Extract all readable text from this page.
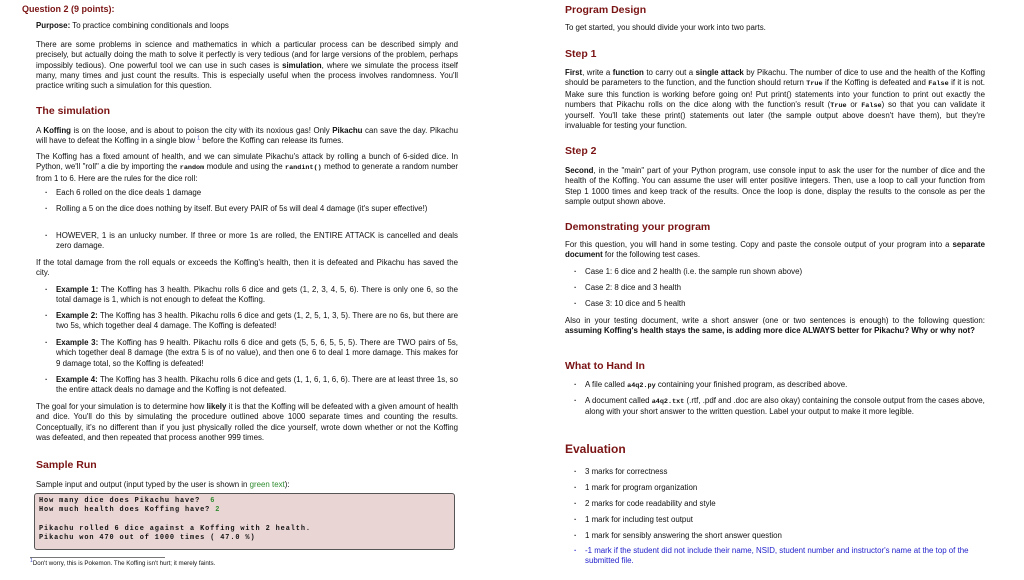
Question 2 (9 points):
Purpose: To practice combining conditionals and loops
There are some problems in science and mathematics in which a particular process can be described simply and precisely, but actually doing the math to solve it perfectly is very tedious (and for large versions of the problem, perhaps impossibly tedious). One powerful tool we can use in such cases is simulation, where we simulate the process itself many, many times and just count the results. This is especially useful when the process involves randomness. You'll practice writing such a simulation for this question.
The simulation
A Koffing is on the loose, and is about to poison the city with its noxious gas! Only Pikachu can save the day. Pikachu will have to defeat the Koffing in a single blow $^1$ before the Koffing can release its fumes.
The Koffing has a fixed amount of health, and we can simulate Pikachu's attack by rolling a bunch of 6-sided dice. In Python, we'll "roll" a die by importing the random module and using the randint() method to generate a random number from 1 to 6. Here are the rules for the dice roll:
· Each 6 rolled on the dice deals 1 damage
· Rolling a 5 on the dice does nothing by itself. But every PAIR of 5s will deal 4 damage (it's super effective!)
· HOWEVER, 1 is an unlucky number. If three or more 1s are rolled, the ENTIRE ATTACK is cancelled and deals zero damage.
If the total damage from the roll equals or exceeds the Koffing's health, then it is defeated and Pikachu has saved the city.
· Example 1: The Koffing has 3 health. Pikachu rolls 6 dice and gets (1, 2, 3, 4, 5, 6). There is only one 6, so the total damage is 1, which is not enough to defeat the Koffing.
· Example 2: The Koffing has 3 health. Pikachu rolls 6 dice and gets (1, 2, 5, 1, 3, 5). There are no 6s, but there are two 5s, which together deal 4 damage. The Koffing is defeated!
· Example 3: The Koffing has 9 health. Pikachu rolls 6 dice and gets (5, 5, 6, 5, 5, 5). There are TWO pairs of 5s, which together deal 8 damage (the extra 5 is of no value), and then one 6 to deal 1 more damage. This makes for 9 damage total, so the Koffing is defeated!
· Example 4: The Koffing has 3 health. Pikachu rolls 6 dice and gets (1, 1, 6, 1, 6, 6). There are at least three 1s, so the entire attack deals no damage and the Koffing is not defeated.
The goal for your simulation is to determine how likely it is that the Koffing will be defeated with a given amount of health and dice. You'll do this by simulating the procedure outlined above 1000 separate times and counting the results. Conceptually, it's no different than if you just physically rolled the dice yourself, wrote down whether or not the Koffing was defeated, and then repeated that process another 999 times.
Sample Run
Sample input and output (input typed by the user is shown in green text):
How many dice does Pikachu have?  6
How much health does Koffing have? 2

Pikachu rolled 6 dice against a Koffing with 2 health.
Pikachu won 470 out of 1000 times ( 47.0 %)
$^1$Don't worry, this is Pokemon. The Koffing isn't hurt; it merely faints.
Program Design
To get started, you should divide your work into two parts.
Step 1
First, write a function to carry out a single attack by Pikachu. The number of dice to use and the health of the Koffing should be parameters to the function, and the function should return True if the Koffing is defeated and False if it is not. Make sure this function is working before going on! Put print() statements into your function to print out exactly the numbers that Pikachu rolls on the dice along with the function's result (True or False) so that you can validate it yourself. You'll take these print() statements out later (the sample output above doesn't have them), but they're invaluable for testing your function.
Step 2
Second, in the "main" part of your Python program, use console input to ask the user for the number of dice and the health of the Koffing. You can assume the user will enter positive integers. Then, use a loop to call your function from Step 1 1000 times and keep track of the results. Once the loop is done, display the results to the console as per the sample output shown above.
Demonstrating your program
For this question, you will hand in some testing. Copy and paste the console output of your program into a separate document for the following test cases.
· Case 1: 6 dice and 2 health (i.e. the sample run shown above)
· Case 2: 8 dice and 3 health
· Case 3: 10 dice and 5 health
Also in your testing document, write a short answer (one or two sentences is enough) to the following question: assuming Koffing's health stays the same, is adding more dice ALWAYS better for Pikachu? Why or why not?
What to Hand In
· A file called a4q2.py containing your finished program, as described above.
· A document called a4q2.txt (.rtf, .pdf and .doc are also okay) containing the console output from the cases above, along with your short answer to the written question. Label your output to make it more legible.
Evaluation
· 3 marks for correctness
· 1 mark for program organization
· 2 marks for code readability and style
· 1 mark for including test output
· 1 mark for sensibly answering the short answer question
· -1 mark if the student did not include their name, NSID, student number and instructor's name at the top of the submitted file.
